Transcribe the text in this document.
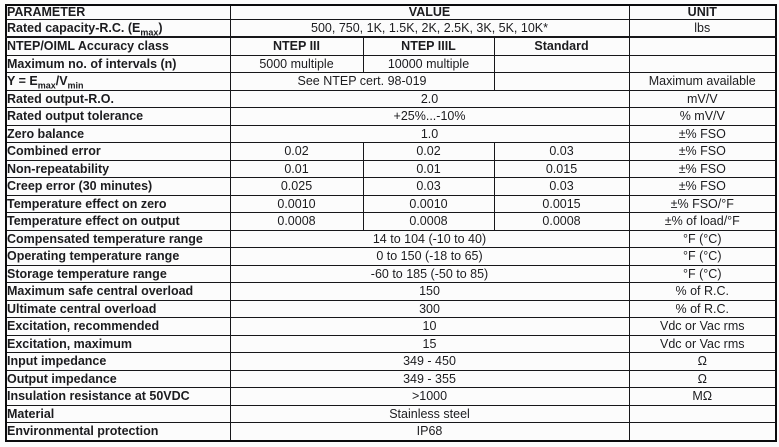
PARAMETER	VALUE			UNIT
Rated capacity-R.C. $(E_{max})$	500, 750, 1K, 1.5K, 2K, 2.5K, 3K, 5K, 10K*			lbs
NTEP/OIML Accuracy class	NTEP III	NTEP IIIL	Standard	
Maximum no. of intervals (n)	5000 multiple	10000 multiple		
$Y = E_{max}/V_{min}$	See NTEP cert. 98-019			Maximum available
Rated output-R.O.	2.0			mV/V
Rated output tolerance	+25%...-10%			% mV/V
Zero balance	1.0			±% FSO
Combined error	0.02	0.02	0.03	±% FSO
Non-repeatability	0.01	0.01	0.015	±% FSO
Creep error (30 minutes)	0.025	0.03	0.03	±% FSO
Temperature effect on zero	0.0010	0.0010	0.0015	±% FSO/°F
Temperature effect on output	0.0008	0.0008	0.0008	±% of load/°F
Compensated temperature range	14 to 104 (-10 to 40)			°F (°C)
Operating temperature range	0 to 150 (-18 to 65)			°F (°C)
Storage temperature range	-60 to 185 (-50 to 85)			°F (°C)
Maximum safe central overload	150			% of R.C.
Ultimate central overload	300			% of R.C.
Excitation, recommended	10			Vdc or Vac rms
Excitation, maximum	15			Vdc or Vac rms
Input impedance	349 - 450			Ω
Output impedance	349 - 355			Ω
Insulation resistance at 50VDC	>1000			MΩ
Material	Stainless steel			
Environmental protection	IP68			
